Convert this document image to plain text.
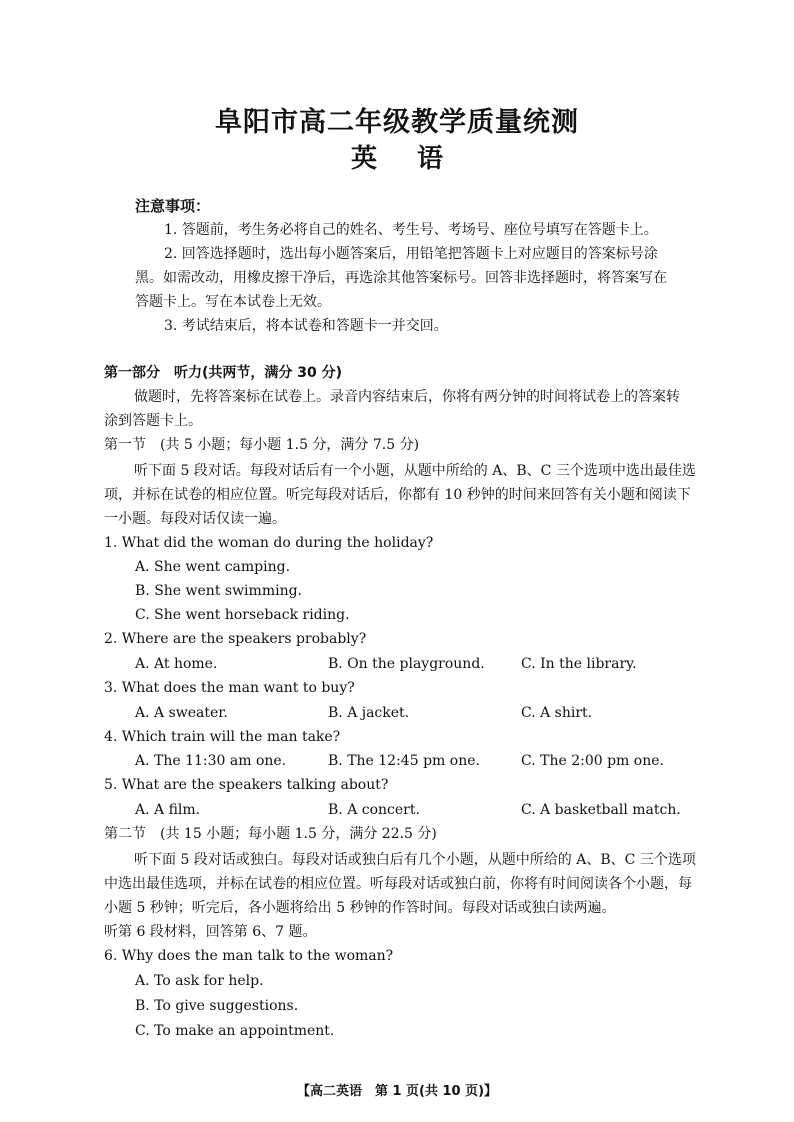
阜阳市高二年级教学质量统测
英语
注意事项：
1. 答题前，考生务必将自己的姓名、考生号、考场号、座位号填写在答题卡上。
2. 回答选择题时，选出每小题答案后，用铅笔把答题卡上对应题目的答案标号涂
黑。如需改动，用橡皮擦干净后，再选涂其他答案标号。回答非选择题时，将答案写在
答题卡上。写在本试卷上无效。
3. 考试结束后，将本试卷和答题卡一并交回。
第一部分　听力(共两节，满分 30 分)
做题时，先将答案标在试卷上。录音内容结束后，你将有两分钟的时间将试卷上的答案转
涂到答题卡上。
第一节　(共 5 小题；每小题 1.5 分，满分 7.5 分)
听下面 5 段对话。每段对话后有一个小题，从题中所给的 A、B、C 三个选项中选出最佳选
项，并标在试卷的相应位置。听完每段对话后，你都有 10 秒钟的时间来回答有关小题和阅读下
一小题。每段对话仅读一遍。
1. What did the woman do during the holiday?
A. She went camping.
B. She went swimming.
C. She went horseback riding.
2. Where are the speakers probably?
A. At home.	B. On the playground.	C. In the library.
3. What does the man want to buy?
A. A sweater.	B. A jacket.	C. A shirt.
4. Which train will the man take?
A. The 11:30 am one.	B. The 12:45 pm one.	C. The 2:00 pm one.
5. What are the speakers talking about?
A. A film.	B. A concert.	C. A basketball match.
第二节　(共 15 小题；每小题 1.5 分，满分 22.5 分)
听下面 5 段对话或独白。每段对话或独白后有几个小题，从题中所给的 A、B、C 三个选项
中选出最佳选项，并标在试卷的相应位置。听每段对话或独白前，你将有时间阅读各个小题，每
小题 5 秒钟；听完后，各小题将给出 5 秒钟的作答时间。每段对话或独白读两遍。
听第 6 段材料，回答第 6、7 题。
6. Why does the man talk to the woman?
A. To ask for help.
B. To give suggestions.
C. To make an appointment.
【高二英语　第 1 页(共 10 页)】
